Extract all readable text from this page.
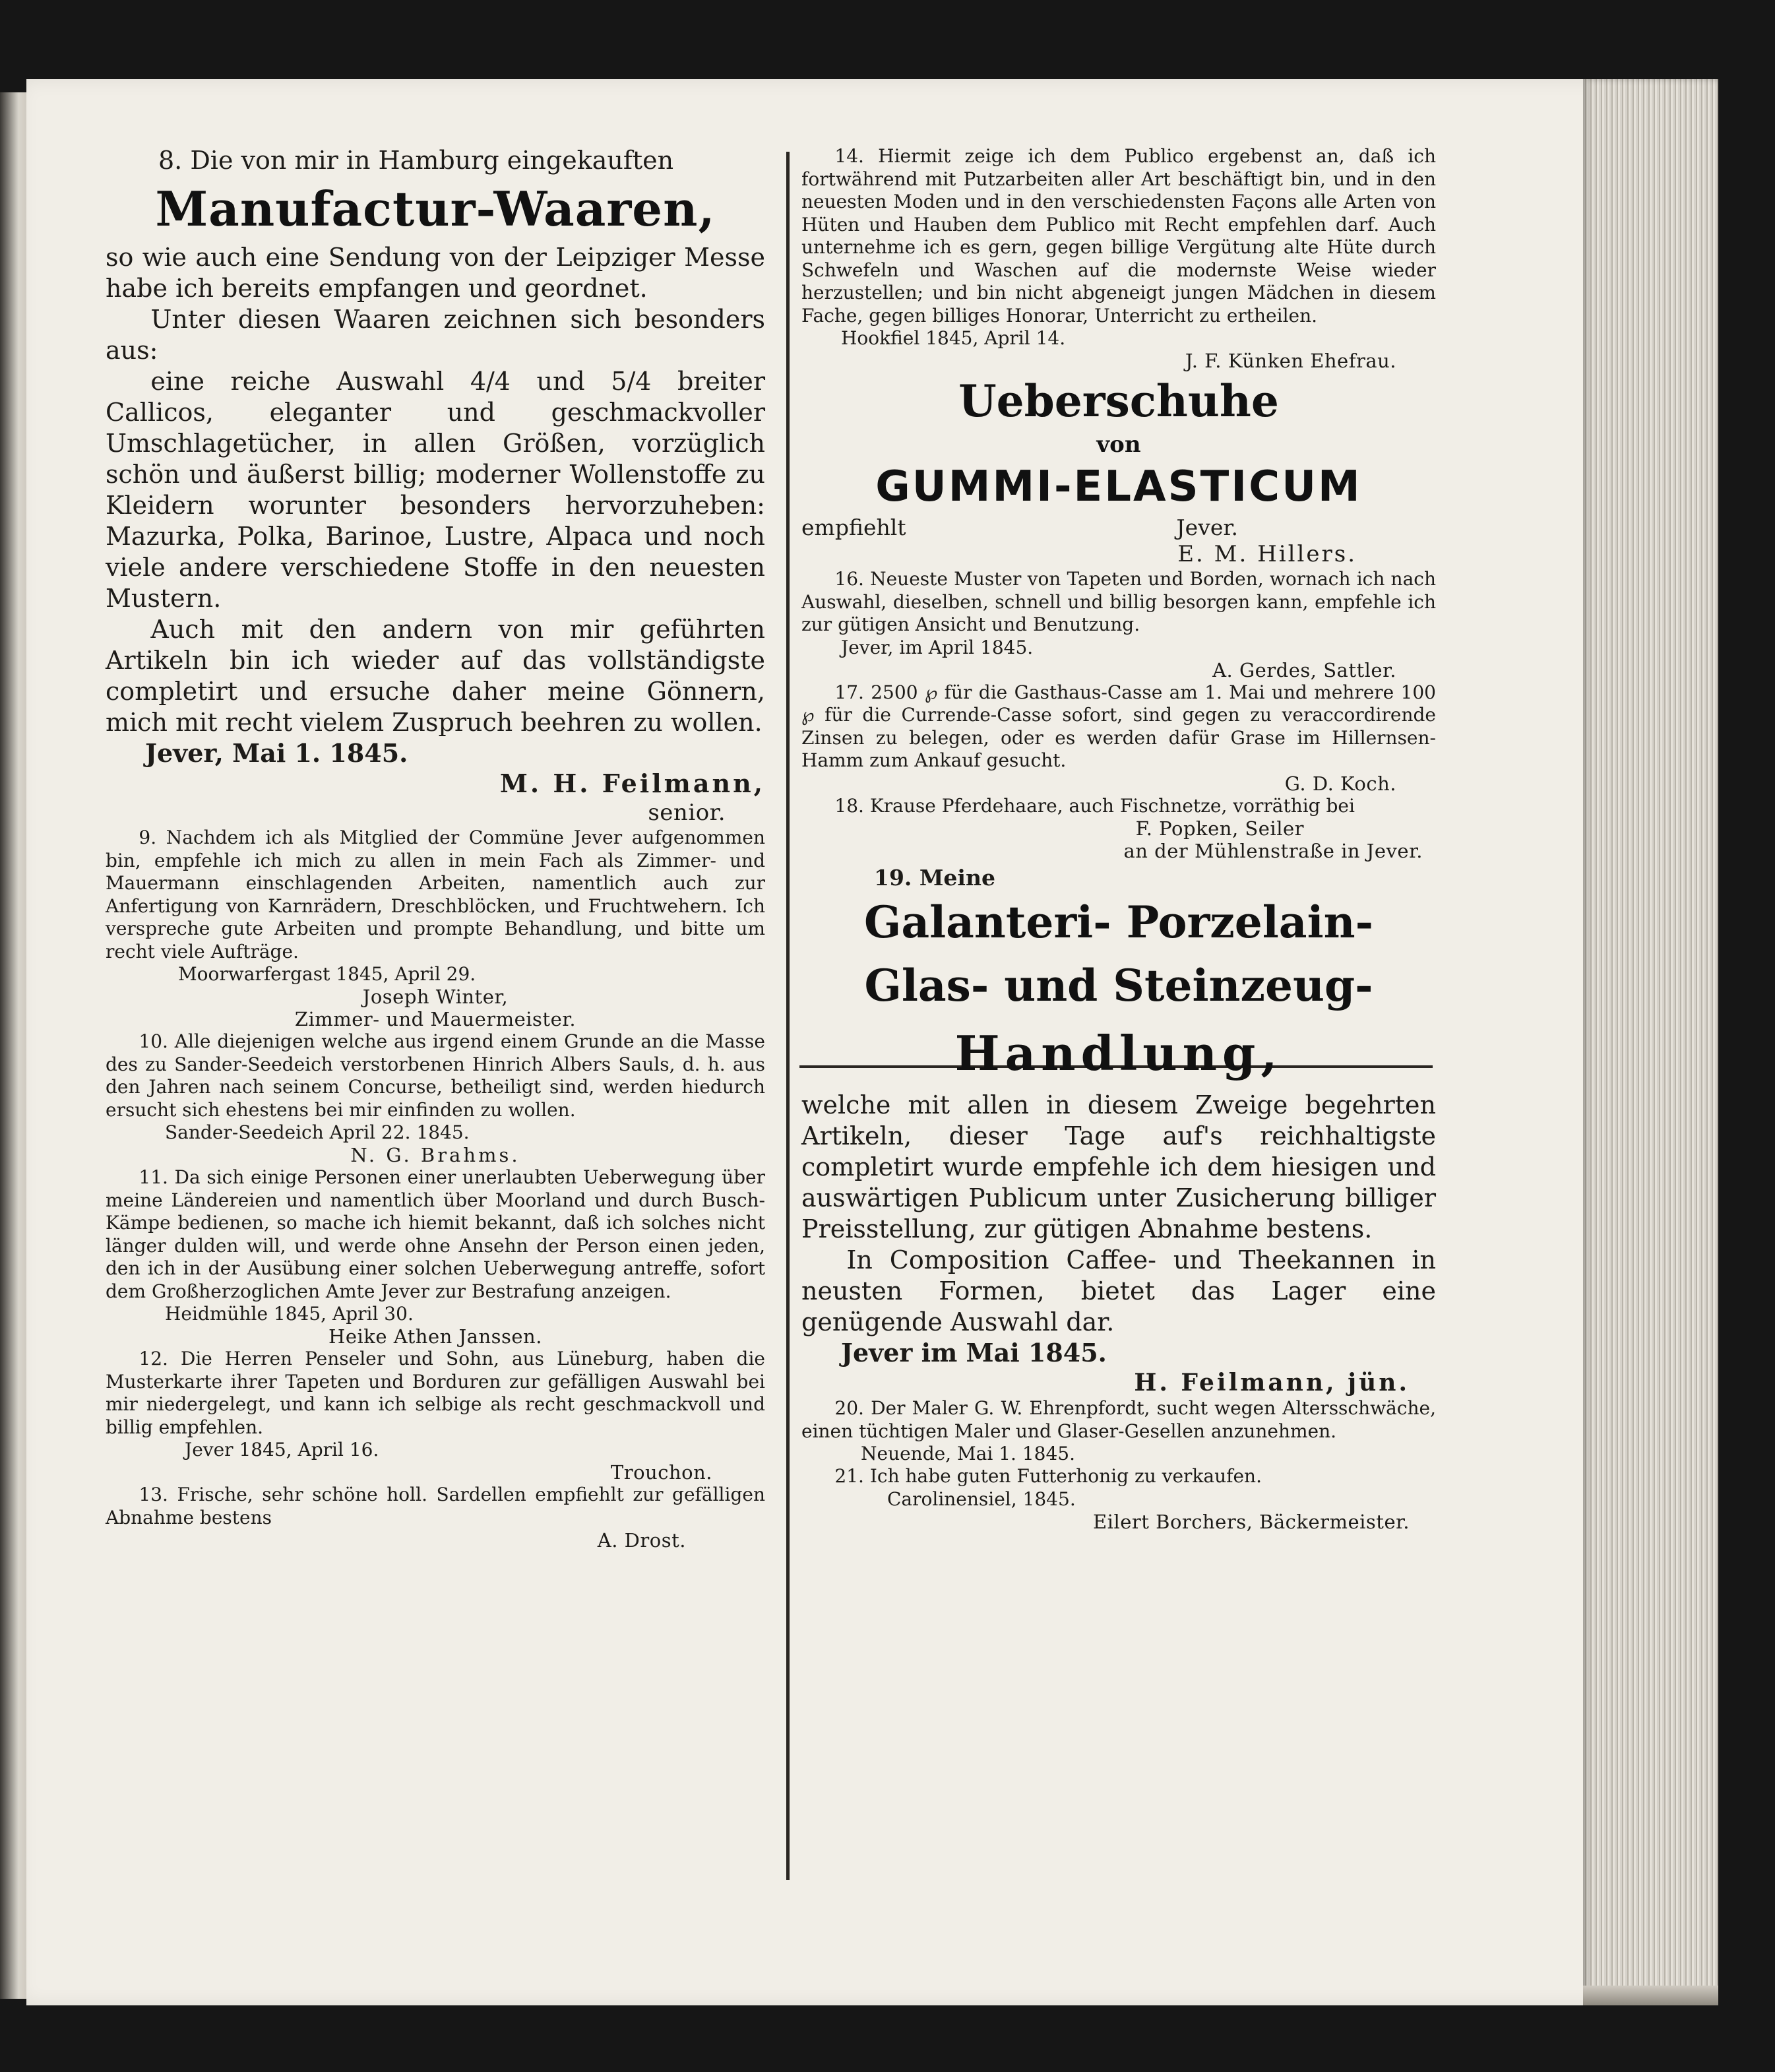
8. Die von mir in Hamburg eingekauften

Manufactur-Waaren,

so wie auch eine Sendung von der Leipziger Messe habe ich bereits empfangen und geordnet.

Unter diesen Waaren zeichnen sich besonders aus:

eine reiche Auswahl 4/4 und 5/4 breiter Callicos, eleganter und geschmackvoller Umschlagetücher, in allen Größen, vorzüglich schön und äußerst billig; moderner Wollenstoffe zu Kleidern worunter besonders hervorzuheben: Mazurka, Polka, Barinoe, Lustre, Alpaca und noch viele andere verschiedene Stoffe in den neuesten Mustern.

Auch mit den andern von mir geführten Artikeln bin ich wieder auf das vollständigste completirt und ersuche daher meine Gönnern, mich mit recht vielem Zuspruch beehren zu wollen.

Jever, Mai 1. 1845.

M. H. Feilmann,

senior.

9. Nachdem ich als Mitglied der Commüne Jever aufgenommen bin, empfehle ich mich zu allen in mein Fach als Zimmer- und Mauermann einschlagenden Arbeiten, namentlich auch zur Anfertigung von Karnrädern, Dreschblöcken, und Fruchtwehern. Ich verspreche gute Arbeiten und prompte Behandlung, und bitte um recht viele Aufträge.

Moorwarfergast 1845, April 29.

Joseph Winter,

Zimmer- und Mauermeister.

10. Alle diejenigen welche aus irgend einem Grunde an die Masse des zu Sander-Seedeich verstorbenen Hinrich Albers Sauls, d. h. aus den Jahren nach seinem Concurse, betheiligt sind, werden hiedurch ersucht sich ehestens bei mir einfinden zu wollen.

Sander-Seedeich April 22. 1845.

N. G. Brahms.

11. Da sich einige Personen einer unerlaubten Ueberwegung über meine Ländereien und namentlich über Moorland und durch Busch-Kämpe bedienen, so mache ich hiemit bekannt, daß ich solches nicht länger dulden will, und werde ohne Ansehn der Person einen jeden, den ich in der Ausübung einer solchen Ueberwegung antreffe, sofort dem Großherzoglichen Amte Jever zur Bestrafung anzeigen.

Heidmühle 1845, April 30.

Heike Athen Janssen.

12. Die Herren Penseler und Sohn, aus Lüneburg, haben die Musterkarte ihrer Tapeten und Borduren zur gefälligen Auswahl bei mir niedergelegt, und kann ich selbige als recht geschmackvoll und billig empfehlen.

Jever 1845, April 16.

Trouchon.

13. Frische, sehr schöne holl. Sardellen empfiehlt zur gefälligen Abnahme bestens

A. Drost.

14. Hiermit zeige ich dem Publico ergebenst an, daß ich fortwährend mit Putzarbeiten aller Art beschäftigt bin, und in den neuesten Moden und in den verschiedensten Façons alle Arten von Hüten und Hauben dem Publico mit Recht empfehlen darf. Auch unternehme ich es gern, gegen billige Vergütung alte Hüte durch Schwefeln und Waschen auf die modernste Weise wieder herzustellen; und bin nicht abgeneigt jungen Mädchen in diesem Fache, gegen billiges Honorar, Unterricht zu ertheilen.

Hookfiel 1845, April 14.

J. F. Künken Ehefrau.

Ueberschuhe

von

GUMMI-ELASTICUM

empfiehlt	Jever.

E. M. Hillers.

16. Neueste Muster von Tapeten und Borden, wornach ich nach Auswahl, dieselben, schnell und billig besorgen kann, empfehle ich zur gütigen Ansicht und Benutzung.

Jever, im April 1845.

A. Gerdes, Sattler.

17. 2500 ℘ für die Gasthaus-Casse am 1. Mai und mehrere 100 ℘ für die Currende-Casse sofort, sind gegen zu veraccordirende Zinsen zu belegen, oder es werden dafür Grase im Hillernsen-Hamm zum Ankauf gesucht.

G. D. Koch.

18. Krause Pferdehaare, auch Fischnetze, vorräthig bei

F. Popken, Seiler

an der Mühlenstraße in Jever.

19. Meine

Galanteri- Porzelain-

Glas- und Steinzeug-

Handlung,

welche mit allen in diesem Zweige begehrten Artikeln, dieser Tage auf's reichhaltigste completirt wurde empfehle ich dem hiesigen und auswärtigen Publicum unter Zusicherung billiger Preisstellung, zur gütigen Abnahme bestens.

In Composition Caffee- und Theekannen in neusten Formen, bietet das Lager eine genügende Auswahl dar.

Jever im Mai 1845.

H. Feilmann, jün.

20. Der Maler G. W. Ehrenpfordt, sucht wegen Altersschwäche, einen tüchtigen Maler und Glaser-Gesellen anzunehmen.

Neuende, Mai 1. 1845.

21. Ich habe guten Futterhonig zu verkaufen.

Carolinensiel, 1845.

Eilert Borchers, Bäckermeister.
